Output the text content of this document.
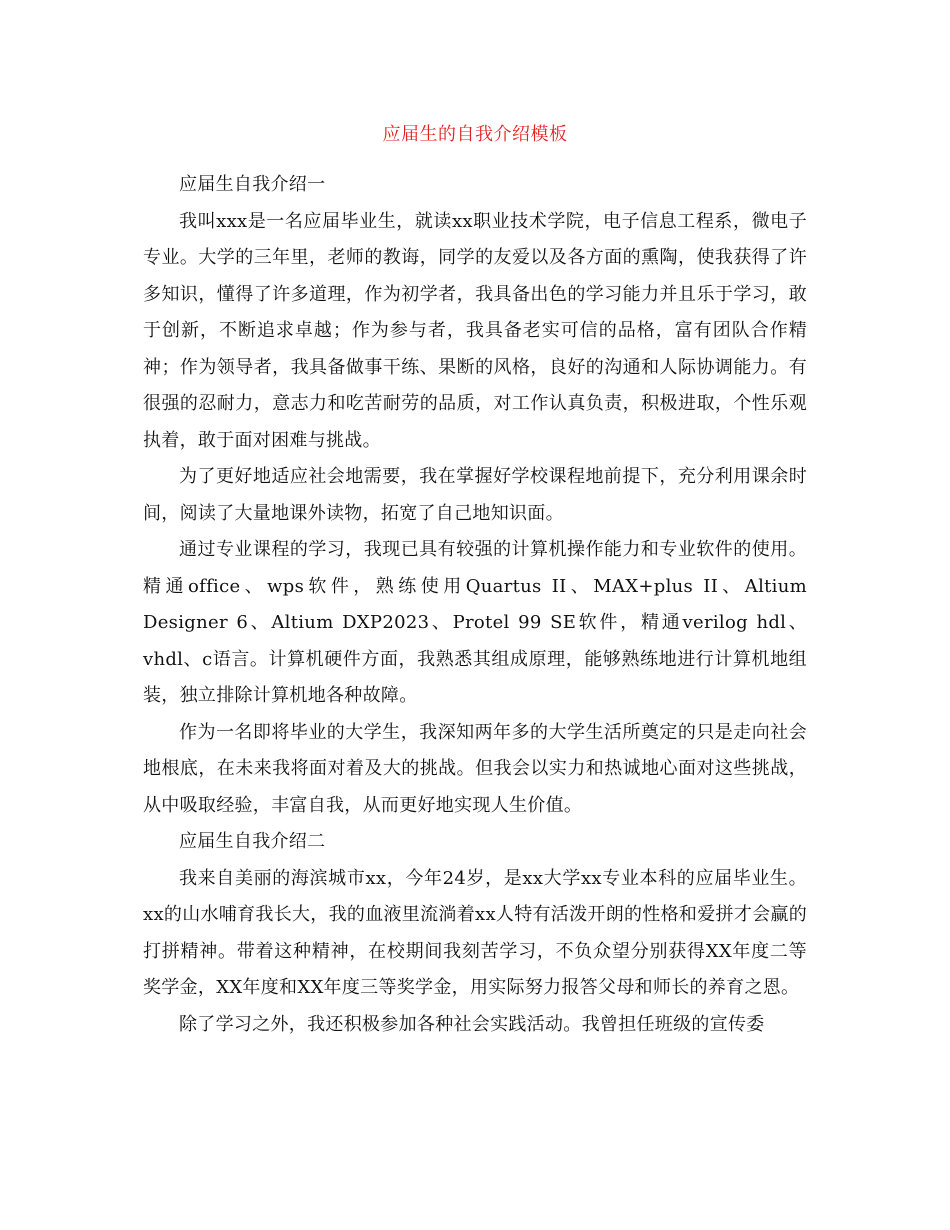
应届生的自我介绍模板

应届生自我介绍一

我叫xxx是一名应届毕业生，就读xx职业技术学院，电子信息工程系，微电子专业。大学的三年里，老师的教诲，同学的友爱以及各方面的熏陶，使我获得了许多知识，懂得了许多道理，作为初学者，我具备出色的学习能力并且乐于学习，敢于创新，不断追求卓越；作为参与者，我具备老实可信的品格，富有团队合作精神；作为领导者，我具备做事干练、果断的风格，良好的沟通和人际协调能力。有很强的忍耐力，意志力和吃苦耐劳的品质，对工作认真负责，积极进取，个性乐观执着，敢于面对困难与挑战。

为了更好地适应社会地需要，我在掌握好学校课程地前提下，充分利用课余时间，阅读了大量地课外读物，拓宽了自己地知识面。

通过专业课程的学习，我现已具有较强的计算机操作能力和专业软件的使用。精通office、wps软件，熟练使用Quartus II、MAX+plus II、Altium Designer 6、Altium DXP2023、Protel 99 SE软件，精通verilog hdl、vhdl、c语言。计算机硬件方面，我熟悉其组成原理，能够熟练地进行计算机地组装，独立排除计算机地各种故障。

作为一名即将毕业的大学生，我深知两年多的大学生活所奠定的只是走向社会地根底，在未来我将面对着及大的挑战。但我会以实力和热诚地心面对这些挑战，从中吸取经验，丰富自我，从而更好地实现人生价值。

应届生自我介绍二

我来自美丽的海滨城市xx，今年24岁，是xx大学xx专业本科的应届毕业生。xx的山水哺育我长大，我的血液里流淌着xx人特有活泼开朗的性格和爱拼才会赢的打拼精神。带着这种精神，在校期间我刻苦学习，不负众望分别获得XX年度二等奖学金，XX年度和XX年度三等奖学金，用实际努力报答父母和师长的养育之恩。

除了学习之外，我还积极参加各种社会实践活动。我曾担任班级的宣传委
